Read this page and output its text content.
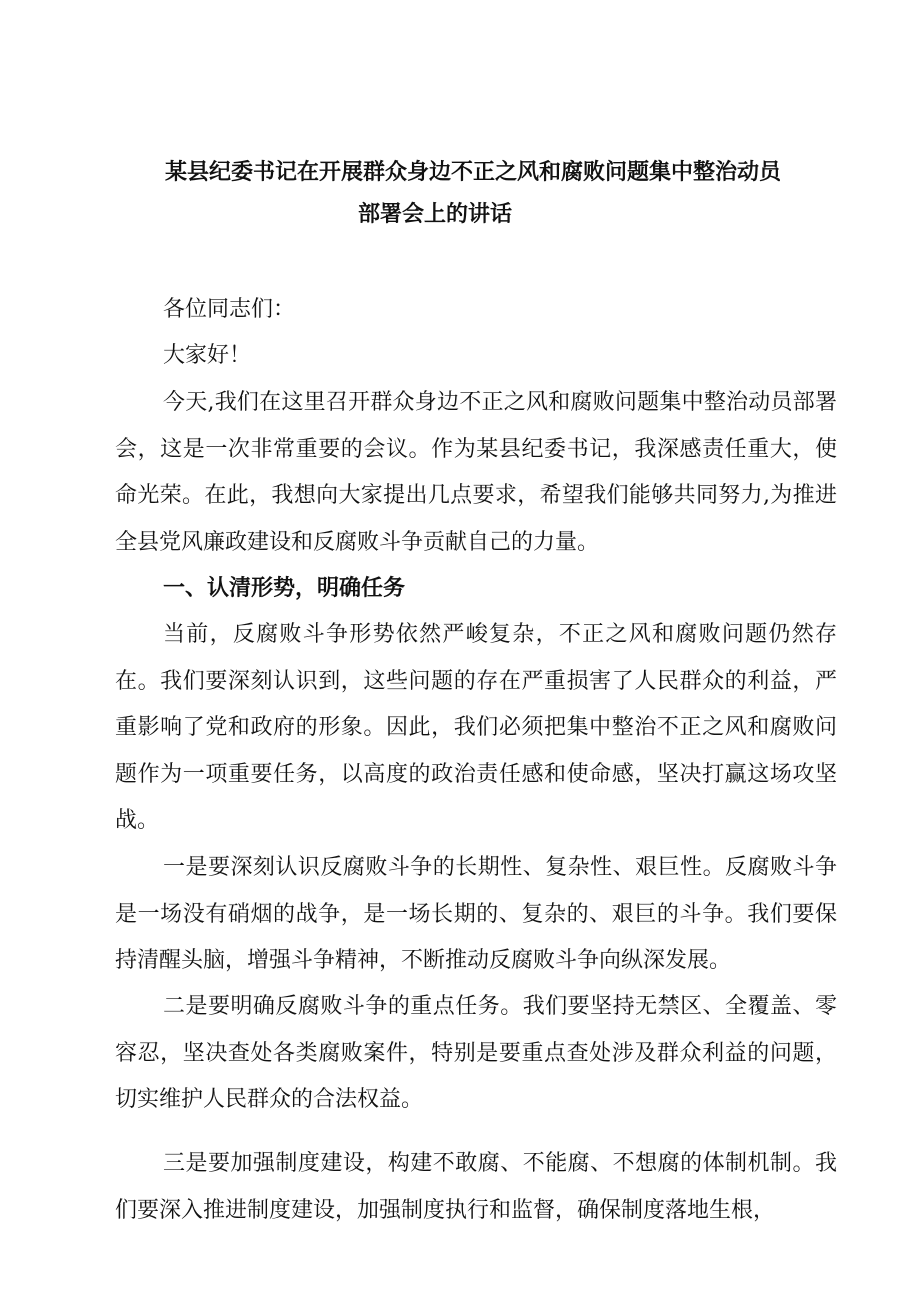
某县纪委书记在开展群众身边不正之风和腐败问题集中整治动员
部署会上的讲话

各位同志们：

大家好！

今天,我们在这里召开群众身边不正之风和腐败问题集中整治动员部署会，这是一次非常重要的会议。作为某县纪委书记，我深感责任重大，使命光荣。在此，我想向大家提出几点要求，希望我们能够共同努力,为推进全县党风廉政建设和反腐败斗争贡献自己的力量。

一、认清形势，明确任务

当前，反腐败斗争形势依然严峻复杂，不正之风和腐败问题仍然存在。我们要深刻认识到，这些问题的存在严重损害了人民群众的利益，严重影响了党和政府的形象。因此，我们必须把集中整治不正之风和腐败问题作为一项重要任务，以高度的政治责任感和使命感，坚决打赢这场攻坚战。

一是要深刻认识反腐败斗争的长期性、复杂性、艰巨性。反腐败斗争是一场没有硝烟的战争，是一场长期的、复杂的、艰巨的斗争。我们要保持清醒头脑，增强斗争精神，不断推动反腐败斗争向纵深发展。

二是要明确反腐败斗争的重点任务。我们要坚持无禁区、全覆盖、零容忍，坚决查处各类腐败案件，特别是要重点查处涉及群众利益的问题，切实维护人民群众的合法权益。

三是要加强制度建设，构建不敢腐、不能腐、不想腐的体制机制。我们要深入推进制度建设，加强制度执行和监督，确保制度落地生根，
